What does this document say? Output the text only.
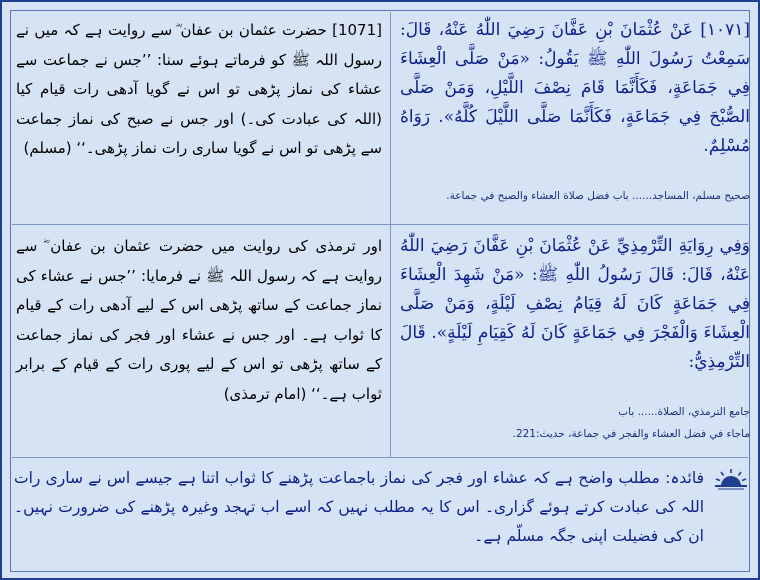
[١٠٧١] عَنْ عُثْمَانَ بْنِ عَفَّانَ رَضِيَ اللّٰهُ عَنْهُ، قَالَ: سَمِعْتُ رَسُولَ اللّٰهِ ﷺ يَقُولُ: «مَنْ صَلَّى الْعِشَاءَ فِي جَمَاعَةٍ، فَكَأَنَّمَا قَامَ نِصْفَ اللَّيْلِ، وَمَنْ صَلَّى الصُّبْحَ فِي جَمَاعَةٍ، فَكَأَنَّمَا صَلَّى اللَّيْلَ كُلَّهُ». رَوَاهُ مُسْلِمٌ.
صحيح مسلم، المساجد...... باب فضل صلاة العشاء والصبح في جماعة.
[1071] حضرت عثمان بن عفان ؓ سے روایت ہے کہ میں نے رسول اللہ ﷺ کو فرماتے ہوئے سنا: ’’جس نے جماعت سے عشاء کی نماز پڑھی تو اس نے گویا آدھی رات قیام کیا (اللہ کی عبادت کی۔) اور جس نے صبح کی نماز جماعت سے پڑھی تو اس نے گویا ساری رات نماز پڑھی۔‘‘ (مسلم)
وَفِي رِوَايَةِ التِّرْمِذِيِّ عَنْ عُثْمَانَ بْنِ عَفَّانَ رَضِيَ اللّٰهُ عَنْهُ، قَالَ: قَالَ رَسُولُ اللّٰهِ ﷺ: «مَنْ شَهِدَ الْعِشَاءَ فِي جَمَاعَةٍ كَانَ لَهُ قِيَامُ نِصْفِ لَيْلَةٍ، وَمَنْ صَلَّى الْعِشَاءَ وَالْفَجْرَ فِي جَمَاعَةٍ كَانَ لَهُ كَقِيَامِ لَيْلَةٍ». قَالَ التِّرْمِذِيُّ:
جامع الترمذي، الصلاة...... باب
ماجاء في فضل العشاء والفجر في جماعة، حديث:221.
اور ترمذی کی روایت میں حضرت عثمان بن عفان ؓ سے روایت ہے کہ رسول اللہ ﷺ نے فرمایا: ’’جس نے عشاء کی نماز جماعت کے ساتھ پڑھی اس کے لیے آدھی رات کے قیام کا ثواب ہے۔ اور جس نے عشاء اور فجر کی نماز جماعت کے ساتھ پڑھی تو اس کے لیے پوری رات کے قیام کے برابر ثواب ہے۔‘‘ (امام ترمذی)
فائدہ: مطلب واضح ہے کہ عشاء اور فجر کی نماز باجماعت پڑھنے کا ثواب اتنا ہے جیسے اس نے ساری رات اللہ کی عبادت کرتے ہوئے گزاری۔ اس کا یہ مطلب نہیں کہ اسے اب تہجد وغیرہ پڑھنے کی ضرورت نہیں۔ ان کی فضیلت اپنی جگہ مسلّم ہے۔
